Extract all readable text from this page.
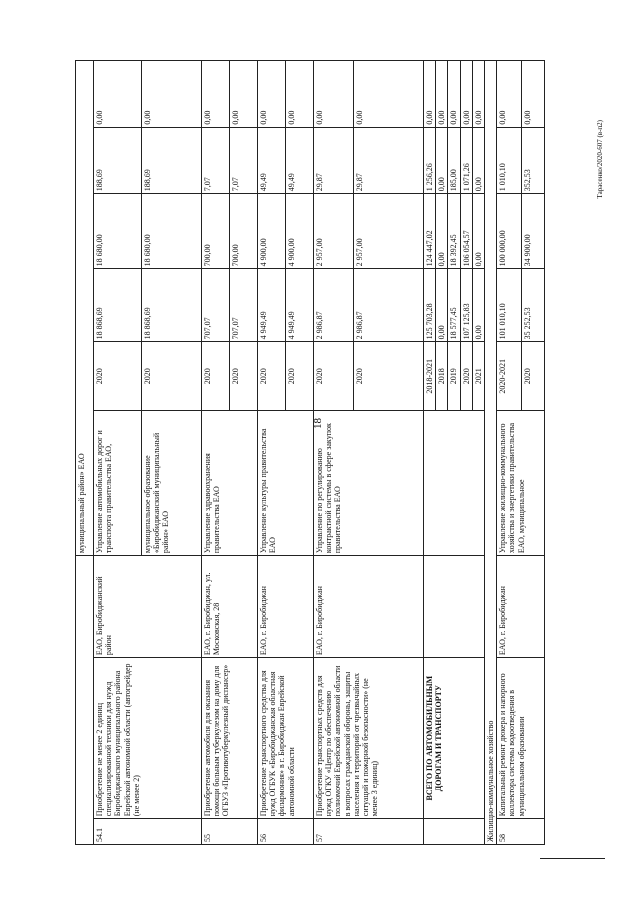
18
Тарасенко/2020-607 (в-п2)
			муниципальный район» ЕАО					
54.1	Приобретение не менее 2 единиц специализированной техники для нужд Биробиджанского муниципального района Еврейской автономной области (автогрейдер (не менее 2)	ЕАО, Биробиджанский район	Управление автомобильных дорог и транспорта правительства ЕАО,	2020	18 868,69	18 680,00	188,69	0,00
			муниципальное образование «Биробиджанский муниципальный район» ЕАО	2020	18 868,69	18 680,00	188,69	0,00
55	Приобретение автомобиля для оказания помощи больным туберкулезом на дому для ОГБУЗ «Противотуберкулезный диспансер»	ЕАО, г. Биробиджан, ул. Московская, 28	Управление здравоохранения правительства ЕАО	2020	707,07	700,00	7,07	0,00
				2020	707,07	700,00	7,07	0,00
56	Приобретение транспортного средства для нужд ОГБУК «Биробиджанская областная филармония» в г. Биробиджан Еврейской автономной области	ЕАО, г. Биробиджан	Управление культуры правительства ЕАО	2020	4 949,49	4 900,00	49,49	0,00
				2020	4 949,49	4 900,00	49,49	0,00
57	Приобретение транспортных средств для нужд ОГКУ «Центр по обеспечению полномочий Еврейской автономной области в вопросах гражданской обороны, защиты населения и территорий от чрезвычайных ситуаций и пожарной безопасности» (не менее 3 единиц)	ЕАО, г. Биробиджан	Управление по регулированию контрактной системы в сфере закупок правительства ЕАО	2020	2 986,87	2 957,00	29,87	0,00
				2020	2 986,87	2 957,00	29,87	0,00
	ВСЕГО ПО АВТОМОБИЛЬНЫМ ДОРОГАМ И ТРАНСПОРТУ			2018-2021	125 703,28	124 447,02	1 256,26	0,00
				2018	0,00	0,00	0,00	0,00
				2019	18 577,45	18 392,45	185,00	0,00
				2020	107 125,83	106 054,57	1 071,26	0,00
				2021	0,00	0,00	0,00	0,00
Жилищно-коммунальное хозяйство								
58	Капитальный ремонт дюкера и напорного коллектора системы водоотведения в муниципальном образовании	ЕАО, г. Биробиджан	Управление жилищно-коммунального хозяйства и энергетики правительства ЕАО, муниципальное	2020-2021	101 010,10	100 000,00	1 010,10	0,00
				2020	35 252,53	34 900,00	352,53	0,00
